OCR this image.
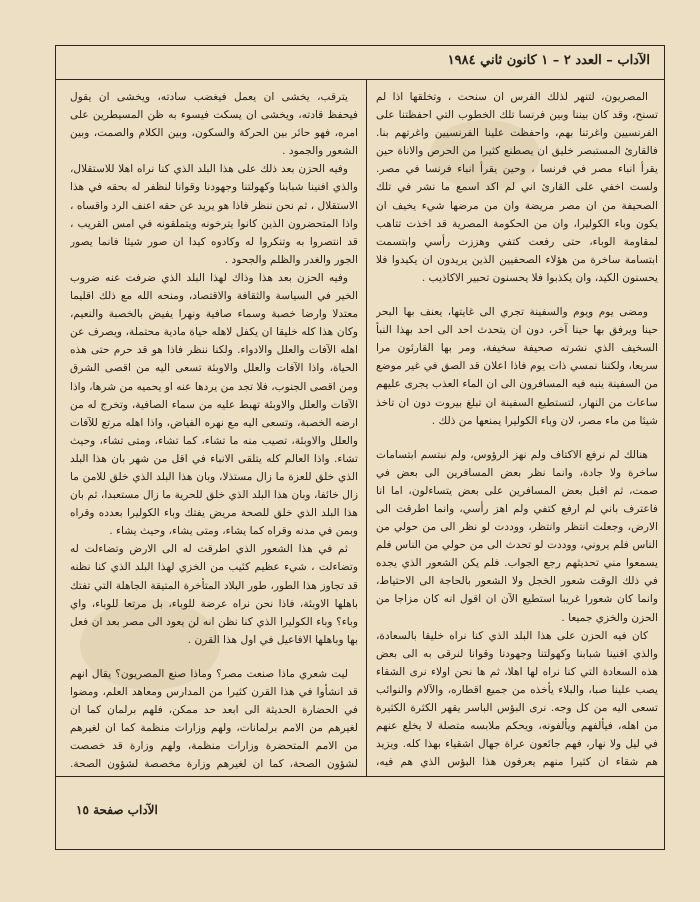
الآداب – العدد ٢ – ١ كانون ثاني ١٩٨٤

المصريون، لتنهر لذلك الفرس ان سنحت ، وتخلقها اذا لم تسنح، وقد كان بيننا وبين فرنسا تلك الخطوب التي احفظتنا على الفرنسيين واغرتنا بهم، واحفظت علينا الفرنسيين واغرتهم بنا. فالقارئ المستبصر خليق ان يصطنع كثيرا من الحرص والاناة حين يقرأ انباء مصر في فرنسا ، وحين يقرأ انباء فرنسا في مصر. ولست اخفي على القارئ اني لم اكد اسمع ما نشر في تلك الصحيفة من ان مصر مريضة وان من مرضها شيء يخيف ان يكون وباء الكوليرا، وان من الحكومة المصرية قد اخذت تتاهب لمقاومة الوباء، حتى رفعت كتفي وهززت رأسي وابتسمت ابتسامة ساخرة من هؤلاء الصحفيين الذين يريدون ان يكيدوا فلا يحسنون الكيد، وان يكذبوا فلا يحسنون تحبير الاكاذيب .

ومضى يوم ويوم والسفينة تجري الى غايتها، يعنف بها البحر حينا ويرفق بها حينا آخر، دون ان يتحدث احد الى احد بهذا النبأ السخيف الذي نشرته صحيفة سخيفة، ومر بها القارئون مرا سريعا، ولكننا نمسي ذات يوم فاذا اعلان قد الصق في غير موضع من السفينة ينبه فيه المسافرون الى ان الماء العذب يجرى عليهم ساعات من النهار، لتستطيع السفينة ان تبلغ بيروت دون ان تاخذ شيئا من ماء مصر، لان وباء الكوليرا يمنعها من ذلك .

هنالك لم نرفع الاكتاف ولم نهز الرؤوس، ولم نبتسم ابتسامات ساخرة ولا جادة، وانما نظر بعض المسافرين الى بعض في صمت، ثم اقبل بعض المسافرين على بعض يتساءلون، اما انا فاعترف باني لم ارفع كتفي ولم اهز رأسي، وانما اطرقت الى الارض، وجعلت انتظر وانتظر، ووددت لو نظر الى من حولي من الناس فلم يروني، ووددت لو تحدث الى من حولي من الناس فلم يسمعوا مني تحديثهم رجع الجواب. فلم يكن الشعور الذي يجده في ذلك الوقت شعور الخجل ولا الشعور بالحاجة الى الاحتياط، وانما كان شعورا غريبا استطيع الآن ان اقول انه كان مزاجا من الحزن والخزي جميعا .

كان فيه الحزن على هذا البلد الذي كنا نراه خليقا بالسعادة، والذي افنينا شبابنا وكهولتنا وجهودنا وقوانا لنرقى به الى بعض هذه السعادة التي كنا نراه لها اهلا، ثم ها نحن اولاء نرى الشقاء يصب علينا صبا، والبلاء يأخذه من جميع اقطاره، والآلام والنوائب تسعى اليه من كل وجه. نرى البؤس الباسر يقهر الكثرة الكثيرة من اهله، فيألفهم ويألفونه، ويحكم ملابسه متصلة لا يخلع عنهم في ليل ولا نهار، فهم جائعون عراة جهال اشقياء بهذا كله. ويزيد هم شقاء ان كثيرا منهم يعرفون هذا البؤس الذي هم فيه،

يترقب، يخشى ان يعمل فيغضب سادته، ويخشى ان يقول فيحفظ قادته، ويخشى ان يسكت فيسوء به ظن المسيطرين على امره، فهو حائر بين الحركة والسكون، وبين الكلام والصمت، وبين الشعور والجمود .

وفيه الحزن بعد ذلك على هذا البلد الذي كنا نراه اهلا للاستقلال، والذي افنينا شبابنا وكهولتنا وجهودنا وقوانا لنظفر له بحقه في هذا الاستقلال ، ثم نحن ننظر فاذا هو يريد عن حقه اعنف الرد واقساه ، واذا المتحضرون الذين كانوا يترخونه ويتملقونه في امس القريب ، قد انتصروا به وتنكروا له وكادوه كيدا ان صور شيئا فانما يصور الجور والغدر والظلم والجحود .

وفيه الحزن بعد هذا وذاك لهذا البلد الذي ضرفت عنه ضروب الخير في السياسة والثقافة والاقتصاد، ومنحه الله مع ذلك اقليما معتدلا وارضا خصبة وسماء صافية ونهرا يفيض بالخصبة والنعيم، وكان هذا كله خليقا ان يكفل لاهله حياة مادية محتملة، ويصرف عن اهله الآفات والعلل والادواء. ولكنا ننظر فاذا هو قد حرم حتى هذه الحياة، واذا الآفات والعلل والاوبئة تسعى اليه من اقصى الشرق ومن اقصى الجنوب، فلا تجد من يردها عنه او يحميه من شرها، واذا الآفات والعلل والاوبئة تهبط عليه من سماء الصافية، وتخرج له من ارضه الخصبة، وتسعى اليه مع نهره الفياض، واذا اهله مرتع للآفات والعلل والاوبئة، تصيب منه ما تشاء، كما تشاء، ومتى تشاء، وحيث تشاء. واذا العالم كله يتلقى الانباء في اقل من شهر بان هذا البلد الذي خلق للعزة ما زال مستذلا، وبان هذا البلد الذي خلق للامن ما زال خائفا، وبان هذا البلد الذي خلق للحرية ما زال مستعبدا، ثم بان هذا البلد الذي خلق للصحة مريض يفتك وباء الكوليرا بعدده وقراه وبمن في مدنه وقراه كما يشاء، ومتى يشاء، وحيث يشاء .

ثم في هذا الشعور الذي اطرقت له الى الارض وتضاءلت له وتضاءلت ، شيء عظيم كئيب من الخزي لهذا البلد الذي كنا نظنه قد تجاوز هذا الطور، طور البلاد المتأخرة المتيقة الجاهلة التي تفتك باهلها الاوبئة، فاذا نحن نراه عرضة للوباء، بل مرتعا للوباء، واي وباء؟ وباء الكوليرا الذي كنا نظن انه لن يعود الى مصر بعد ان فعل بها وباهلها الافاعيل في اول هذا القرن .

ليت شعري ماذا صنعت مصر؟ وماذا صنع المصريون؟ يقال انهم قد انشأوا في هذا القرن كثيرا من المدارس ومعاهد العلم، ومضوا في الحضارة الحديثة الى ابعد حد ممكن، فلهم برلمان كما ان لغيرهم من الامم برلمانات، ولهم وزارات منظمة كما ان لغيرهم من الامم المتحضرة وزارات منظمة، ولهم وزارة قد خصصت لشؤون الصحة، كما ان لغيرهم وزارة مخصصة لشؤون الصحة.

الآداب صفحة ١٥
